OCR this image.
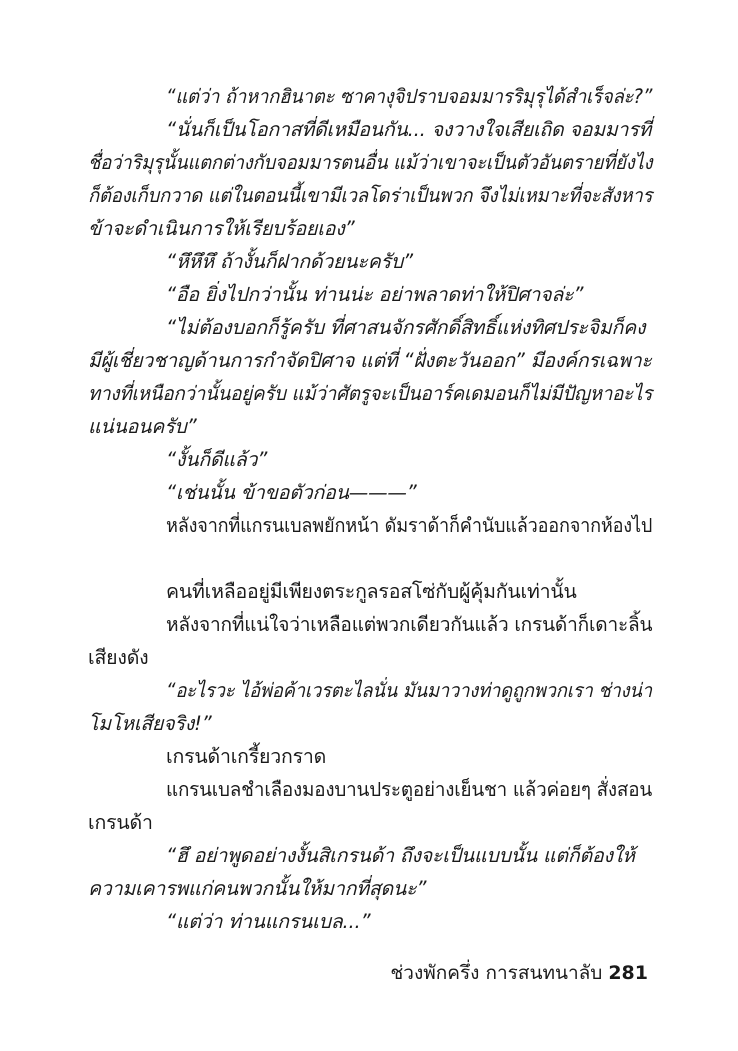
“แต่ว่า ถ้าหากฮินาตะ ซาคางุจิปราบจอมมารริมุรุได้สำเร็จล่ะ?”
“นั่นก็เป็นโอกาสที่ดีเหมือนกัน... จงวางใจเสียเถิด จอมมารที่
ชื่อว่าริมุรุนั้นแตกต่างกับจอมมารตนอื่น แม้ว่าเขาจะเป็นตัวอันตรายที่ยังไง
ก็ต้องเก็บกวาด แต่ในตอนนี้เขามีเวลโดร่าเป็นพวก จึงไม่เหมาะที่จะสังหาร
ข้าจะดำเนินการให้เรียบร้อยเอง”
“หึหึหึ ถ้างั้นก็ฝากด้วยนะครับ”
“อือ ยิ่งไปกว่านั้น ท่านน่ะ อย่าพลาดท่าให้ปิศาจล่ะ”
“ไม่ต้องบอกก็รู้ครับ ที่ศาสนจักรศักดิ์สิทธิ์แห่งทิศประจิมก็คง
มีผู้เชี่ยวชาญด้านการกำจัดปิศาจ แต่ที่ “ฝั่งตะวันออก” มีองค์กรเฉพาะ
ทางที่เหนือกว่านั้นอยู่ครับ แม้ว่าศัตรูจะเป็นอาร์คเดมอนก็ไม่มีปัญหาอะไร
แน่นอนครับ”
“งั้นก็ดีแล้ว”
“เช่นนั้น ข้าขอตัวก่อน———”
หลังจากที่แกรนเบลพยักหน้า ดัมราด้าก็คำนับแล้วออกจากห้องไป
คนที่เหลืออยู่มีเพียงตระกูลรอสโซ่กับผู้คุ้มกันเท่านั้น
หลังจากที่แน่ใจว่าเหลือแต่พวกเดียวกันแล้ว เกรนด้าก็เดาะลิ้น
เสียงดัง
“อะไรวะ ไอ้พ่อค้าเวรตะไลนั่น มันมาวางท่าดูถูกพวกเรา ช่างน่า
โมโหเสียจริง!”
เกรนด้าเกรี้ยวกราด
แกรนเบลชำเลืองมองบานประตูอย่างเย็นชา แล้วค่อยๆ สั่งสอน
เกรนด้า
“ฮึ อย่าพูดอย่างงั้นสิเกรนด้า ถึงจะเป็นแบบนั้น แต่ก็ต้องให้
ความเคารพแก่คนพวกนั้นให้มากที่สุดนะ”
“แต่ว่า ท่านแกรนเบล...”
ช่วงพักครึ่ง การสนทนาลับ 281
